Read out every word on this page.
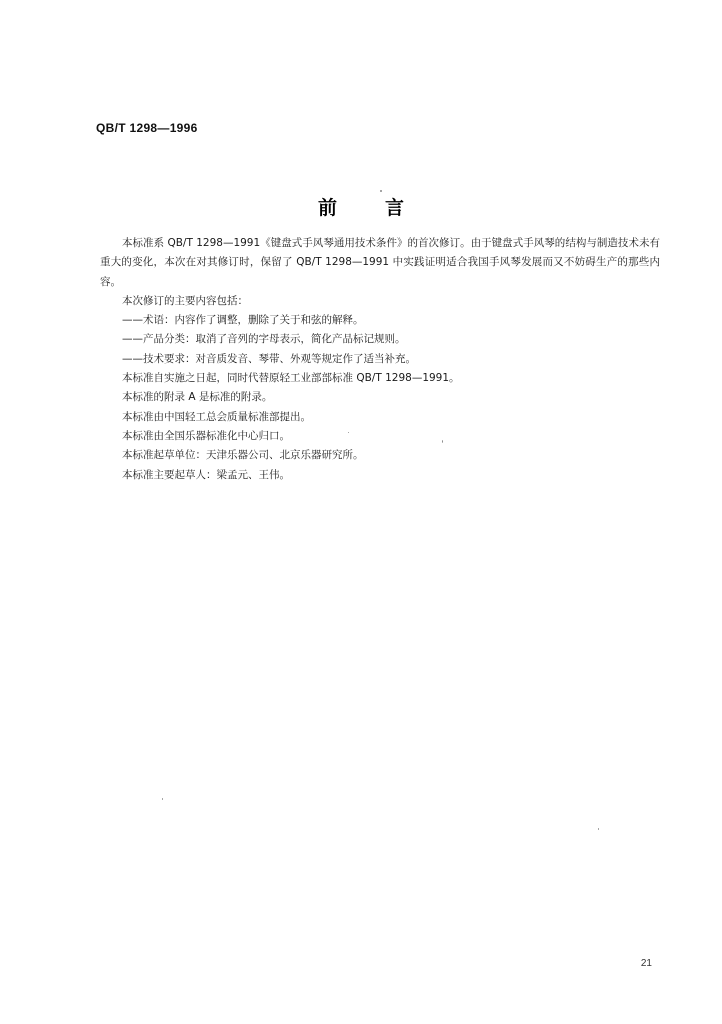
QB/T 1298—1996
前	言

本标准系 QB/T 1298—1991《键盘式手风琴通用技术条件》的首次修订。由于键盘式手风琴的结构与制造技术未有重大的变化，本次在对其修订时，保留了 QB/T 1298—1991 中实践证明适合我国手风琴发展而又不妨碍生产的那些内容。

本次修订的主要内容包括：

——术语：内容作了调整，删除了关于和弦的解释。

——产品分类：取消了音列的字母表示，简化产品标记规则。

——技术要求：对音质发音、琴带、外观等规定作了适当补充。

本标准自实施之日起，同时代替原轻工业部部标准 QB/T 1298—1991。

本标准的附录 A 是标准的附录。

本标准由中国轻工总会质量标准部提出。

本标准由全国乐器标准化中心归口。

本标准起草单位：天津乐器公司、北京乐器研究所。

本标准主要起草人：梁孟元、王伟。

21
